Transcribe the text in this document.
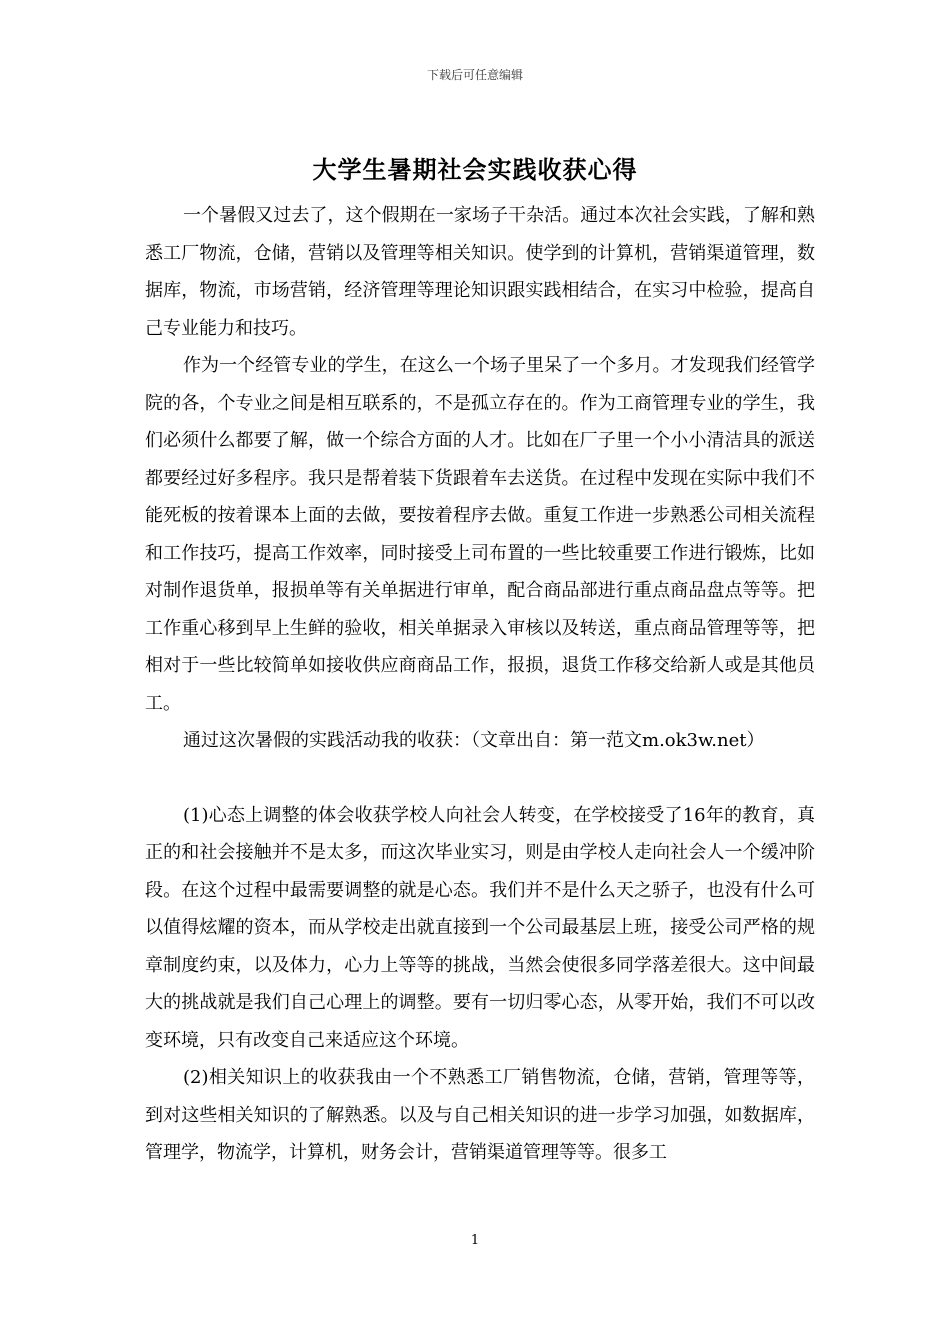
下载后可任意编辑
大学生暑期社会实践收获心得

一个暑假又过去了，这个假期在一家场子干杂活。通过本次社会实践，了解和熟悉工厂物流，仓储，营销以及管理等相关知识。使学到的计算机，营销渠道管理，数据库，物流，市场营销，经济管理等理论知识跟实践相结合，在实习中检验，提高自己专业能力和技巧。

作为一个经管专业的学生，在这么一个场子里呆了一个多月。才发现我们经管学院的各，个专业之间是相互联系的，不是孤立存在的。作为工商管理专业的学生，我们必须什么都要了解，做一个综合方面的人才。比如在厂子里一个小小清洁具的派送都要经过好多程序。我只是帮着装下货跟着车去送货。在过程中发现在实际中我们不能死板的按着课本上面的去做，要按着程序去做。重复工作进一步熟悉公司相关流程和工作技巧，提高工作效率，同时接受上司布置的一些比较重要工作进行锻炼，比如对制作退货单，报损单等有关单据进行审单，配合商品部进行重点商品盘点等等。把工作重心移到早上生鲜的验收，相关单据录入审核以及转送，重点商品管理等等，把相对于一些比较简单如接收供应商商品工作，报损，退货工作移交给新人或是其他员工。

通过这次暑假的实践活动我的收获：（文章出自：第一范文m.ok3w.net）

(1)心态上调整的体会收获学校人向社会人转变，在学校接受了16年的教育，真正的和社会接触并不是太多，而这次毕业实习，则是由学校人走向社会人一个缓冲阶段。在这个过程中最需要调整的就是心态。我们并不是什么天之骄子，也没有什么可以值得炫耀的资本，而从学校走出就直接到一个公司最基层上班，接受公司严格的规章制度约束，以及体力，心力上等等的挑战，当然会使很多同学落差很大。这中间最大的挑战就是我们自己心理上的调整。要有一切归零心态，从零开始，我们不可以改变环境，只有改变自己来适应这个环境。

(2)相关知识上的收获我由一个不熟悉工厂销售物流，仓储，营销，管理等等，到对这些相关知识的了解熟悉。以及与自己相关知识的进一步学习加强，如数据库，管理学，物流学，计算机，财务会计，营销渠道管理等等。很多工

1
